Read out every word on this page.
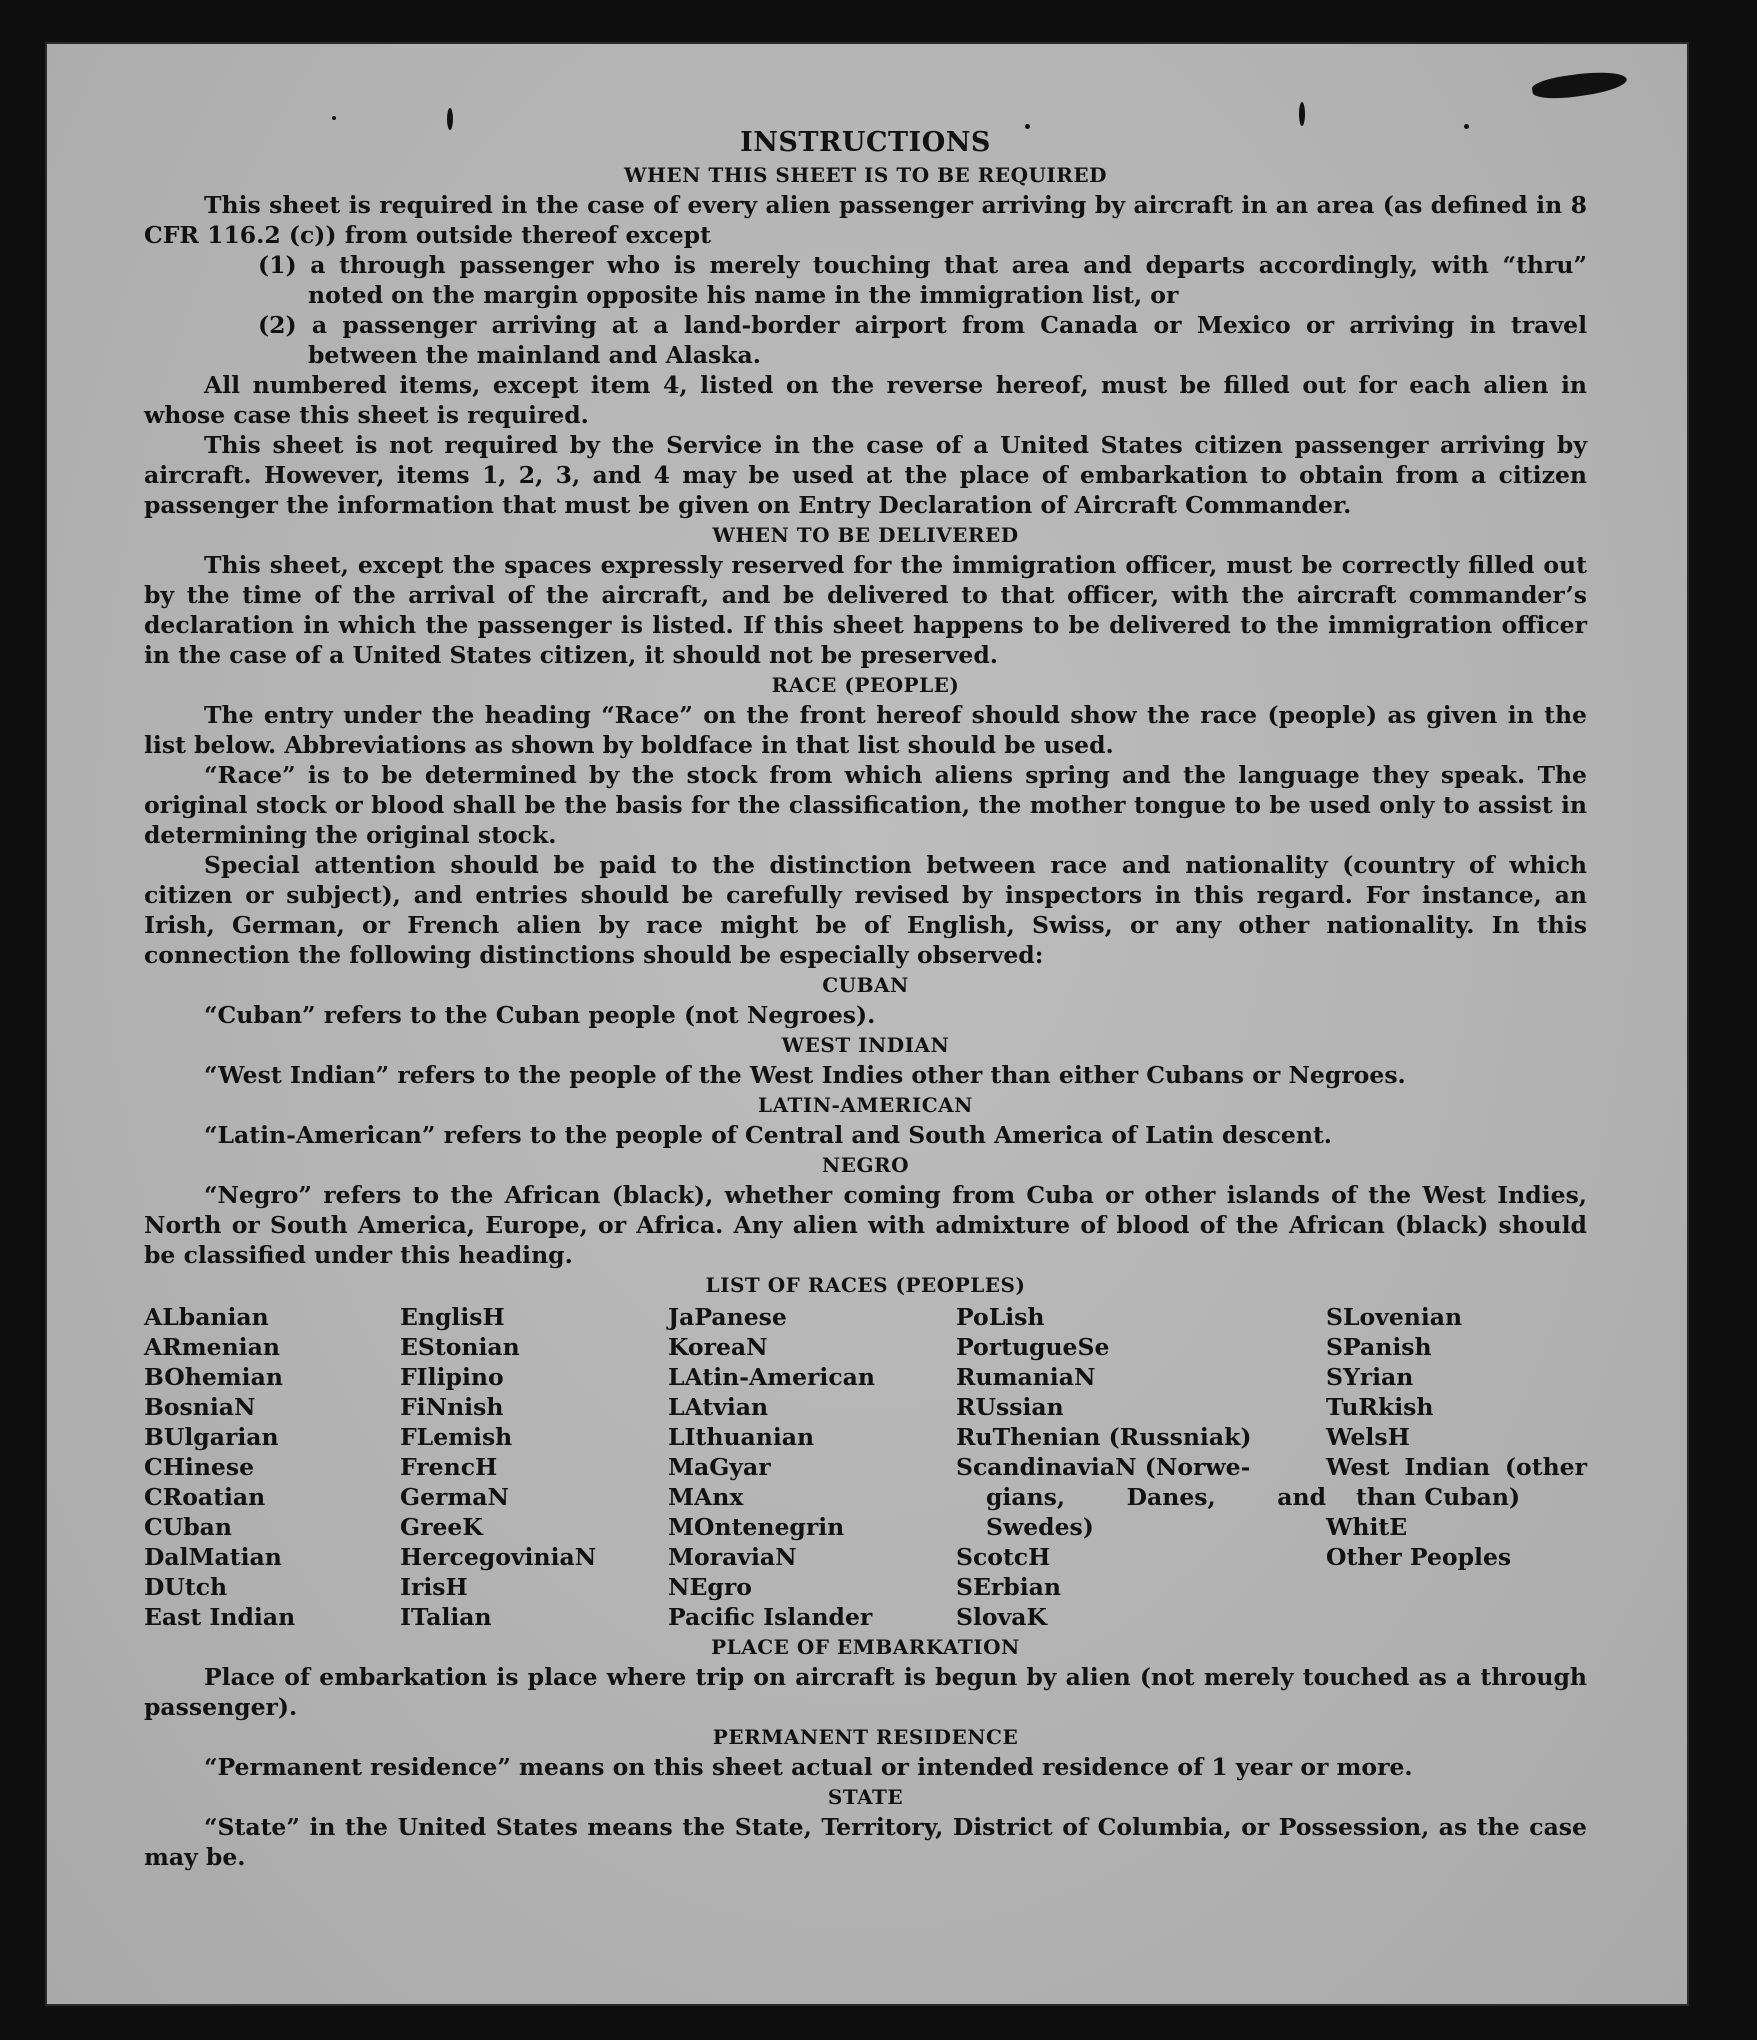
INSTRUCTIONS
WHEN THIS SHEET IS TO BE REQUIRED

This sheet is required in the case of every alien passenger arriving by aircraft in an area (as defined in 8 CFR 116.2 (c)) from outside thereof except

(1) a through passenger who is merely touching that area and departs accordingly, with “thru” noted on the margin opposite his name in the immigration list, or

(2) a passenger arriving at a land-border airport from Canada or Mexico or arriving in travel between the mainland and Alaska.

All numbered items, except item 4, listed on the reverse hereof, must be filled out for each alien in whose case this sheet is required.

This sheet is not required by the Service in the case of a United States citizen passenger arriving by aircraft. However, items 1, 2, 3, and 4 may be used at the place of embarkation to obtain from a citizen passenger the information that must be given on Entry Declaration of Aircraft Commander.

WHEN TO BE DELIVERED

This sheet, except the spaces expressly reserved for the immigration officer, must be correctly filled out by the time of the arrival of the aircraft, and be delivered to that officer, with the aircraft commander’s declaration in which the passenger is listed. If this sheet happens to be delivered to the immigration officer in the case of a United States citizen, it should not be preserved.

RACE (PEOPLE)

The entry under the heading “Race” on the front hereof should show the race (people) as given in the list below. Abbreviations as shown by boldface in that list should be used.

“Race” is to be determined by the stock from which aliens spring and the language they speak. The original stock or blood shall be the basis for the classification, the mother tongue to be used only to assist in determining the original stock.

Special attention should be paid to the distinction between race and nationality (country of which citizen or subject), and entries should be carefully revised by inspectors in this regard. For instance, an Irish, German, or French alien by race might be of English, Swiss, or any other nationality. In this connection the following distinctions should be especially observed:

CUBAN

“Cuban” refers to the Cuban people (not Negroes).

WEST INDIAN

“West Indian” refers to the people of the West Indies other than either Cubans or Negroes.

LATIN-AMERICAN

“Latin-American” refers to the people of Central and South America of Latin descent.

NEGRO

“Negro” refers to the African (black), whether coming from Cuba or other islands of the West Indies, North or South America, Europe, or Africa. Any alien with admixture of blood of the African (black) should be classified under this heading.

LIST OF RACES (PEOPLES)
ALbanian
ARmenian
BOhemian
BosniaN
BUlgarian
CHinese
CRoatian
CUban
DalMatian
DUtch
East Indian
EnglisH
EStonian
FIlipino
FiNnish
FLemish
FrencH
GermaN
GreeK
HercegoviniaN
IrisH
ITalian
JaPanese
KoreaN
LAtin-American
LAtvian
LIthuanian
MaGyar
MAnx
MOntenegrin
MoraviaN
NEgro
Pacific Islander
PoLish
PortugueSe
RumaniaN
RUssian
RuThenian (Russniak)
ScandinaviaN (Norwe-
gians,	Danes,	and
Swedes)
ScotcH
SErbian
SlovaK
SLovenian
SPanish
SYrian
TuRkish
WelsH
West Indian (other
than Cuban)
WhitE
Other Peoples
PLACE OF EMBARKATION

Place of embarkation is place where trip on aircraft is begun by alien (not merely touched as a through passenger).

PERMANENT RESIDENCE

“Permanent residence” means on this sheet actual or intended residence of 1 year or more.

STATE

“State” in the United States means the State, Territory, District of Columbia, or Possession, as the case may be.
